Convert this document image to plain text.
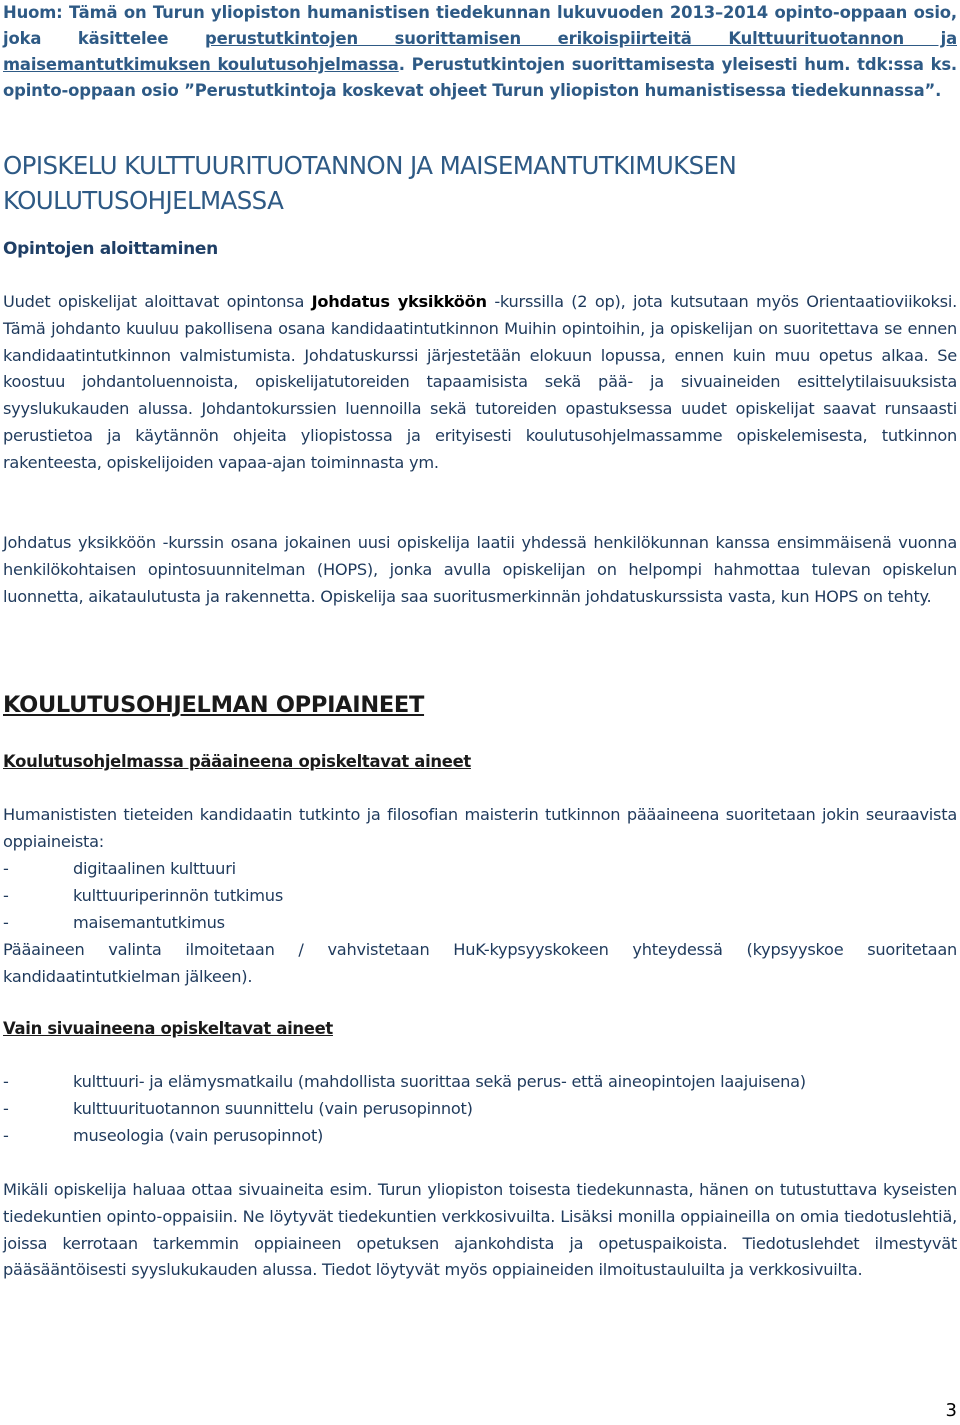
Huom: Tämä on Turun yliopiston humanistisen tiedekunnan lukuvuoden 2013–2014 opinto-oppaan osio, joka käsittelee perustutkintojen suorittamisen erikoispiirteitä Kulttuurituotannon ja maisemantutkimuksen koulutusohjelmassa. Perustutkintojen suorittamisesta yleisesti hum. tdk:ssa ks. opinto-oppaan osio ”Perustutkintoja koskevat ohjeet Turun yliopiston humanistisessa tiedekunnassa”.
OPISKELU KULTTUURITUOTANNON JA MAISEMANTUTKIMUKSEN KOULUTUSOHJELMASSA
Opintojen aloittaminen
Uudet opiskelijat aloittavat opintonsa Johdatus yksikköön -kurssilla (2 op), jota kutsutaan myös Orientaatioviikoksi. Tämä johdanto kuuluu pakollisena osana kandidaatintutkinnon Muihin opintoihin, ja opiskelijan on suoritettava se ennen kandidaatintutkinnon valmistumista. Johdatuskurssi järjestetään elokuun lopussa, ennen kuin muu opetus alkaa. Se koostuu johdantoluennoista, opiskelijatutoreiden tapaamisista sekä pää- ja sivuaineiden esittelytilaisuuksista syyslukukauden alussa. Johdantokurssien luennoilla sekä tutoreiden opastuksessa uudet opiskelijat saavat runsaasti perustietoa ja käytännön ohjeita yliopistossa ja erityisesti koulutusohjelmassamme opiskelemisesta, tutkinnon rakenteesta, opiskelijoiden vapaa-ajan toiminnasta ym.
Johdatus yksikköön -kurssin osana jokainen uusi opiskelija laatii yhdessä henkilökunnan kanssa ensimmäisenä vuonna henkilökohtaisen opintosuunnitelman (HOPS), jonka avulla opiskelijan on helpompi hahmottaa tulevan opiskelun luonnetta, aikataulutusta ja rakennetta. Opiskelija saa suoritusmerkinnän johdatuskurssista vasta, kun HOPS on tehty.
KOULUTUSOHJELMAN OPPIAINEET
Koulutusohjelmassa pääaineena opiskeltavat aineet
Humanististen tieteiden kandidaatin tutkinto ja filosofian maisterin tutkinnon pääaineena suoritetaan jokin seuraavista oppiaineista:
-	digitaalinen kulttuuri
-	kulttuuriperinnön tutkimus
-	maisemantutkimus
Pääaineen valinta ilmoitetaan / vahvistetaan HuK-kypsyyskokeen yhteydessä (kypsyyskoe suoritetaan kandidaatintutkielman jälkeen).
Vain sivuaineena opiskeltavat aineet
-	kulttuuri- ja elämysmatkailu (mahdollista suorittaa sekä perus- että aineopintojen laajuisena)
-	kulttuurituotannon suunnittelu (vain perusopinnot)
-	museologia (vain perusopinnot)
Mikäli opiskelija haluaa ottaa sivuaineita esim. Turun yliopiston toisesta tiedekunnasta, hänen on tutustuttava kyseisten tiedekuntien opinto-oppaisiin. Ne löytyvät tiedekuntien verkkosivuilta. Lisäksi monilla oppiaineilla on omia tiedotuslehtiä, joissa kerrotaan tarkemmin oppiaineen opetuksen ajankohdista ja opetuspaikoista. Tiedotuslehdet ilmestyvät pääsääntöisesti syyslukukauden alussa. Tiedot löytyvät myös oppiaineiden ilmoitustauluilta ja verkkosivuilta.
3
